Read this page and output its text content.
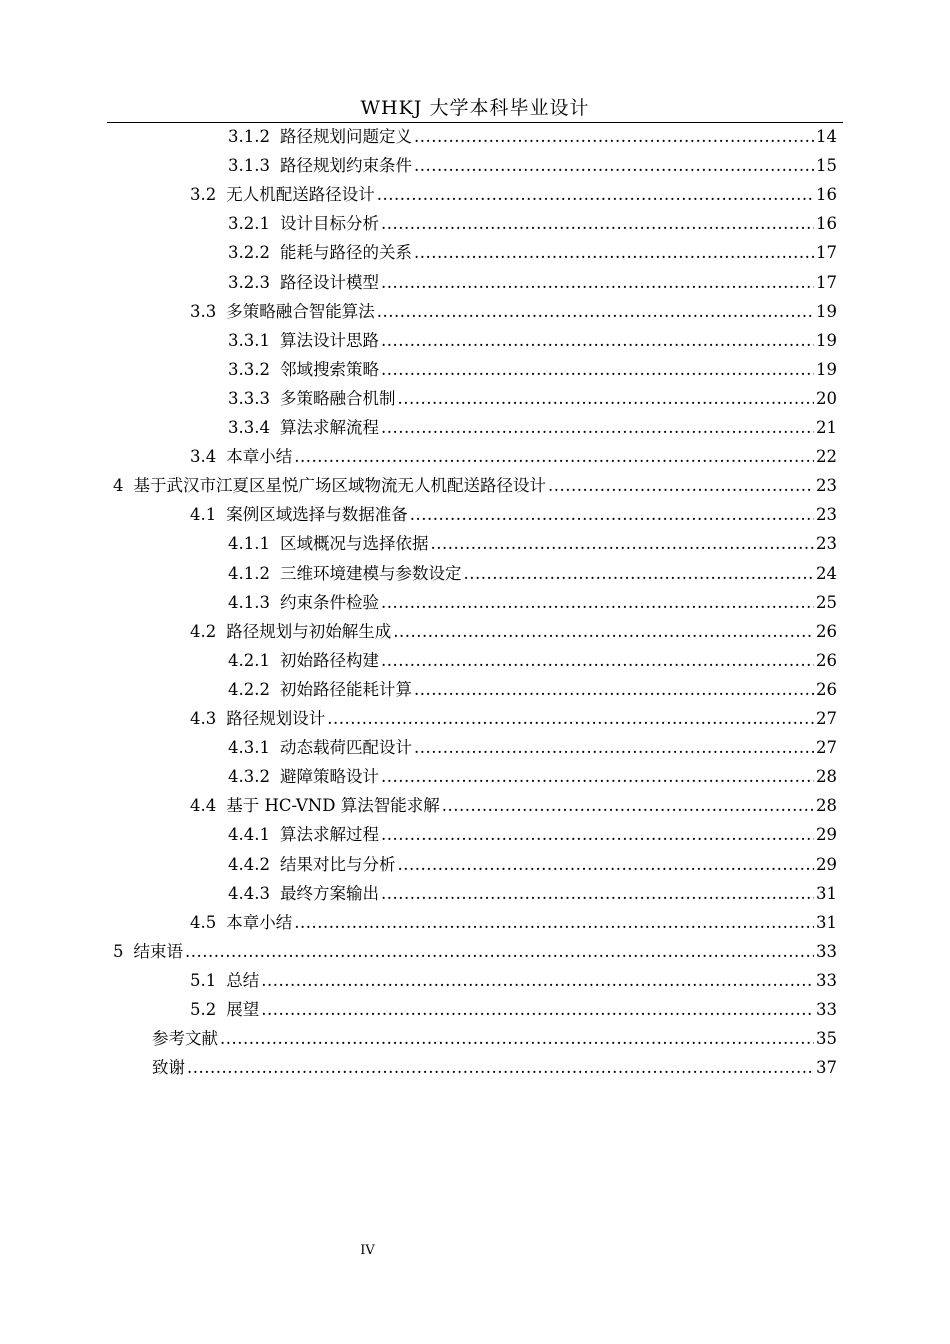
WHKJ 大学本科毕业设计
3.1.2 路径规划问题定义 .....	14
3.1.3 路径规划约束条件 .....	15
3.2 无人机配送路径设计 .....	16
3.2.1 设计目标分析 .....	16
3.2.2 能耗与路径的关系 .....	17
3.2.3 路径设计模型 .....	17
3.3 多策略融合智能算法 .....	19
3.3.1 算法设计思路 .....	19
3.3.2 邻域搜索策略 .....	19
3.3.3 多策略融合机制 .....	20
3.3.4 算法求解流程 .....	21
3.4 本章小结 .....	22
4 基于武汉市江夏区星悦广场区域物流无人机配送路径设计 .....	23
4.1 案例区域选择与数据准备 .....	23
4.1.1 区域概况与选择依据 .....	23
4.1.2 三维环境建模与参数设定 .....	24
4.1.3 约束条件检验 .....	25
4.2 路径规划与初始解生成 .....	26
4.2.1 初始路径构建 .....	26
4.2.2 初始路径能耗计算 .....	26
4.3 路径规划设计 .....	27
4.3.1 动态载荷匹配设计 .....	27
4.3.2 避障策略设计 .....	28
4.4 基于 HC-VND 算法智能求解 .....	28
4.4.1 算法求解过程 .....	29
4.4.2 结果对比与分析 .....	29
4.4.3 最终方案输出 .....	31
4.5 本章小结 .....	31
5 结束语 .....	33
5.1 总结 .....	33
5.2 展望 .....	33
参考文献 .....	35
致谢 .....	37
IV
